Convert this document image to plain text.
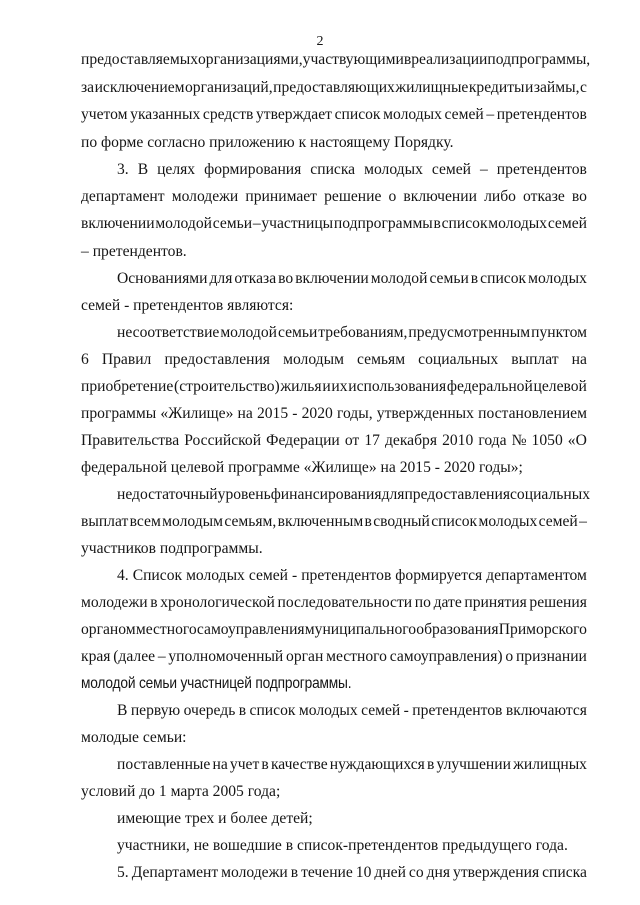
2
предоставляемых организациями, участвующими в реализации подпрограммы,
за исключением организаций, предоставляющих жилищные кредиты и займы, с
учетом указанных средств утверждает список молодых семей – претендентов
по форме согласно приложению к настоящему Порядку.
3. В целях формирования списка молодых семей – претендентов
департамент молодежи принимает решение о включении либо отказе во
включении молодой семьи – участницы подпрограммы в список молодых семей
– претендентов.
Основаниями для отказа во включении молодой семьи в список молодых
семей - претендентов являются:
несоответствие молодой семьи требованиям, предусмотренным пунктом
6 Правил предоставления молодым семьям социальных выплат на
приобретение (строительство) жилья и их использования федеральной целевой
программы «Жилище» на 2015 - 2020 годы, утвержденных постановлением
Правительства Российской Федерации от 17 декабря 2010 года № 1050 «О
федеральной целевой программе «Жилище» на 2015 - 2020 годы»;
недостаточный уровень финансирования для предоставления социальных
выплат всем молодым семьям, включенным в сводный список молодых семей –
участников подпрограммы.
4. Список молодых семей - претендентов формируется департаментом
молодежи в хронологической последовательности по дате принятия решения
органом местного самоуправления муниципального образования Приморского
края (далее – уполномоченный орган местного самоуправления) о признании
молодой семьи участницей подпрограммы.
В первую очередь в список молодых семей - претендентов включаются
молодые семьи:
поставленные на учет в качестве нуждающихся в улучшении жилищных
условий до 1 марта 2005 года;
имеющие трех и более детей;
участники, не вошедшие в список-претендентов предыдущего года.
5. Департамент молодежи в течение 10 дней со дня утверждения списка
